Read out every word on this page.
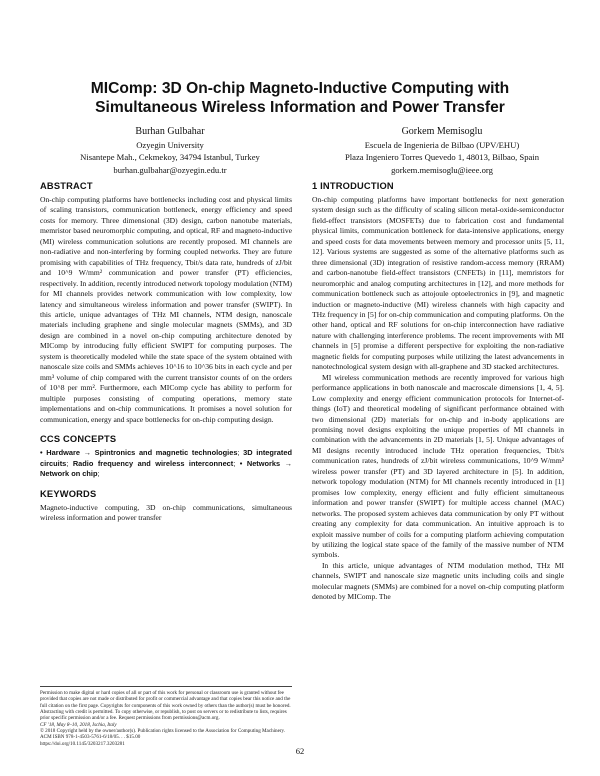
MIComp: 3D On-chip Magneto-Inductive Computing with
Simultaneous Wireless Information and Power Transfer
Burhan Gulbahar
Ozyegin University
Nisantepe Mah., Cekmekoy, 34794 Istanbul, Turkey
burhan.gulbahar@ozyegin.edu.tr
Gorkem Memisoglu
Escuela de Ingenieria de Bilbao (UPV/EHU)
Plaza Ingeniero Torres Quevedo 1, 48013, Bilbao, Spain
gorkem.memisoglu@ieee.org
ABSTRACT

On-chip computing platforms have bottlenecks including cost and physical limits of scaling transistors, communication bottleneck, energy efficiency and speed costs for memory. Three dimensional (3D) design, carbon nanotube materials, memristor based neuromorphic computing, and optical, RF and magneto-inductive (MI) wireless communication solutions are recently proposed. MI channels are non-radiative and non-interfering by forming coupled networks. They are future promising with capabilities of THz frequency, Tbit/s data rate, hundreds of zJ/bit and 10^9 W/mm² communication and power transfer (PT) efficiencies, respectively. In addition, recently introduced network topology modulation (NTM) for MI channels provides network communication with low complexity, low latency and simultaneous wireless information and power transfer (SWIPT). In this article, unique advantages of THz MI channels, NTM design, nanoscale materials including graphene and single molecular magnets (SMMs), and 3D design are combined in a novel on-chip computing architecture denoted by MIComp by introducing fully efficient SWIPT for computing purposes. The system is theoretically modeled while the state space of the system obtained with nanoscale size coils and SMMs achieves 10^16 to 10^36 bits in each cycle and per mm³ volume of chip compared with the current transistor counts of on the orders of 10^8 per mm². Furthermore, each MIComp cycle has ability to perform for multiple purposes consisting of computing operations, memory state implementations and on-chip communications. It promises a novel solution for communication, energy and space bottlenecks for on-chip computing design.

CCS CONCEPTS
• Hardware → Spintronics and magnetic technologies; 3D integrated circuits; Radio frequency and wireless interconnect; • Networks → Network on chip;
KEYWORDS

Magneto-inductive computing, 3D on-chip communications, simultaneous wireless information and power transfer

Permission to make digital or hard copies of all or part of this work for personal or classroom use is granted without fee provided that copies are not made or distributed for profit or commercial advantage and that copies bear this notice and the full citation on the first page. Copyrights for components of this work owned by others than the author(s) must be honored. Abstracting with credit is permitted. To copy otherwise, or republish, to post on servers or to redistribute to lists, requires prior specific permission and/or a fee. Request permissions from permissions@acm.org.
CF '18, May 8–10, 2018, Ischia, Italy
© 2018 Copyright held by the owner/author(s). Publication rights licensed to the Association for Computing Machinery.
ACM ISBN 978-1-4503-5761-6/18/05. . . $15.00
https://doi.org/10.1145/3203217.3203281
1 INTRODUCTION

On-chip computing platforms have important bottlenecks for next generation system design such as the difficulty of scaling silicon metal-oxide-semiconductor field-effect transistors (MOSFETs) due to fabrication cost and fundamental physical limits, communication bottleneck for data-intensive applications, energy and speed costs for data movements between memory and processor units [5, 11, 12]. Various systems are suggested as some of the alternative platforms such as three dimensional (3D) integration of resistive random-access memory (RRAM) and carbon-nanotube field-effect transistors (CNFETs) in [11], memristors for neuromorphic and analog computing architectures in [12], and more methods for communication bottleneck such as attojoule optoelectronics in [9], and magnetic induction or magneto-inductive (MI) wireless channels with high capacity and THz frequency in [5] for on-chip communication and computing platforms. On the other hand, optical and RF solutions for on-chip interconnection have radiative nature with challenging interference problems. The recent improvements with MI channels in [5] promise a different perspective for exploiting the non-radiative magnetic fields for computing purposes while utilizing the latest advancements in nanotechnological system design with all-graphene and 3D stacked architectures.

MI wireless communication methods are recently improved for various high performance applications in both nanoscale and macroscale dimensions [1, 4, 5]. Low complexity and energy efficient communication protocols for Internet-of-things (IoT) and theoretical modeling of significant performance obtained with two dimensional (2D) materials for on-chip and in-body applications are promising novel designs exploiting the unique properties of MI channels in combination with the advancements in 2D materials [1, 5]. Unique advantages of MI designs recently introduced include THz operation frequencies, Tbit/s communication rates, hundreds of zJ/bit wireless communications, 10^9 W/mm² wireless power transfer (PT) and 3D layered architecture in [5]. In addition, network topology modulation (NTM) for MI channels recently introduced in [1] promises low complexity, energy efficient and fully efficient simultaneous information and power transfer (SWIPT) for multiple access channel (MAC) networks. The proposed system achieves data communication by only PT without creating any complexity for data communication. An intuitive approach is to exploit massive number of coils for a computing platform achieving computation by utilizing the logical state space of the family of the massive number of NTM symbols.

In this article, unique advantages of NTM modulation method, THz MI channels, SWIPT and nanoscale size magnetic units including coils and single molecular magnets (SMMs) are combined for a novel on-chip computing platform denoted by MIComp. The

62
